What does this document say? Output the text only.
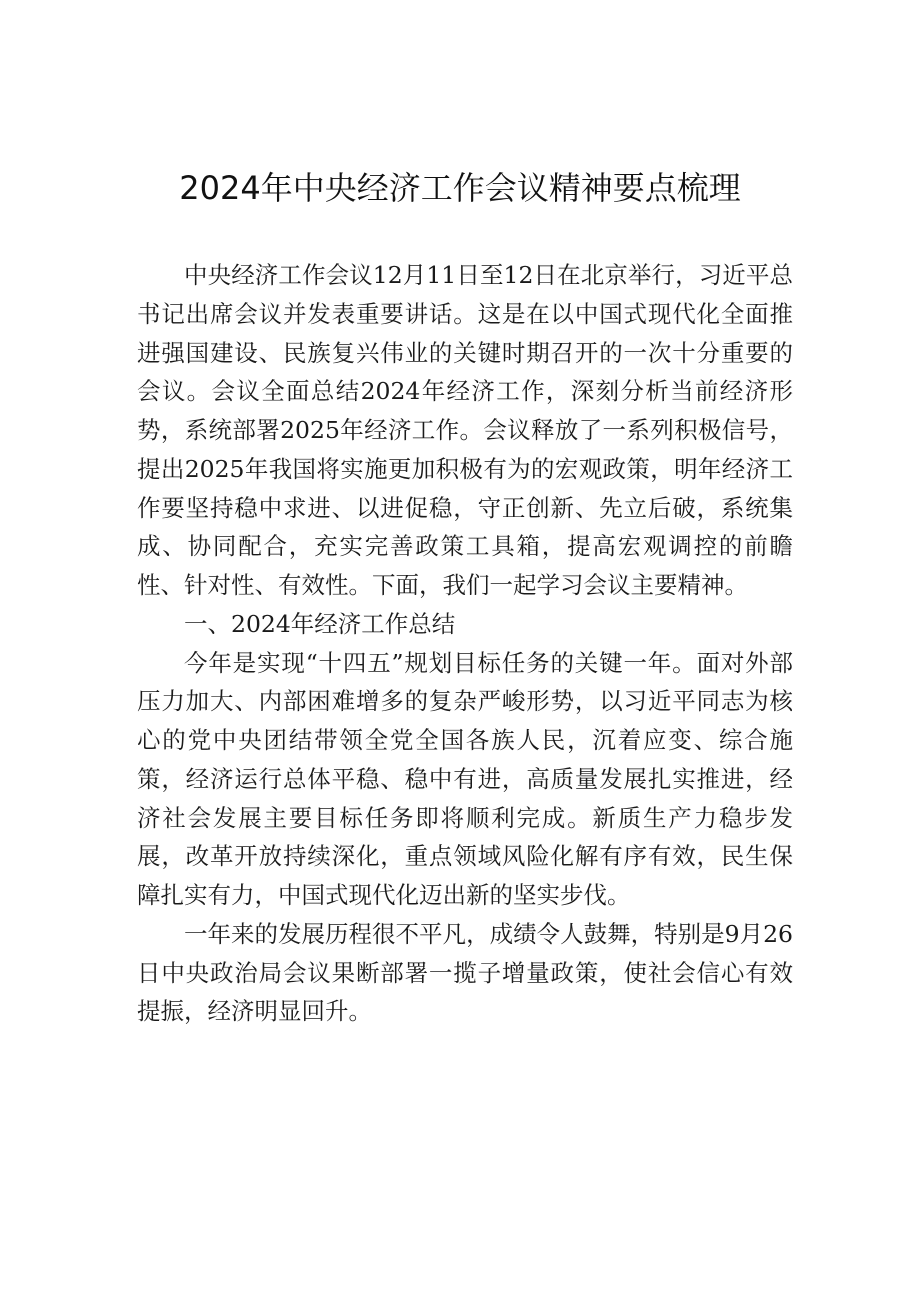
2024年中央经济工作会议精神要点梳理

中央经济工作会议12月11日至12日在北京举行，习近平总书记出席会议并发表重要讲话。这是在以中国式现代化全面推进强国建设、民族复兴伟业的关键时期召开的一次十分重要的会议。会议全面总结2024年经济工作，深刻分析当前经济形势，系统部署2025年经济工作。会议释放了一系列积极信号，提出2025年我国将实施更加积极有为的宏观政策，明年经济工作要坚持稳中求进、以进促稳，守正创新、先立后破，系统集成、协同配合，充实完善政策工具箱，提高宏观调控的前瞻性、针对性、有效性。下面，我们一起学习会议主要精神。

一、2024年经济工作总结

今年是实现“十四五”规划目标任务的关键一年。面对外部压力加大、内部困难增多的复杂严峻形势，以习近平同志为核心的党中央团结带领全党全国各族人民，沉着应变、综合施策，经济运行总体平稳、稳中有进，高质量发展扎实推进，经济社会发展主要目标任务即将顺利完成。新质生产力稳步发展，改革开放持续深化，重点领域风险化解有序有效，民生保障扎实有力，中国式现代化迈出新的坚实步伐。

一年来的发展历程很不平凡，成绩令人鼓舞，特别是9月26日中央政治局会议果断部署一揽子增量政策，使社会信心有效提振，经济明显回升。
